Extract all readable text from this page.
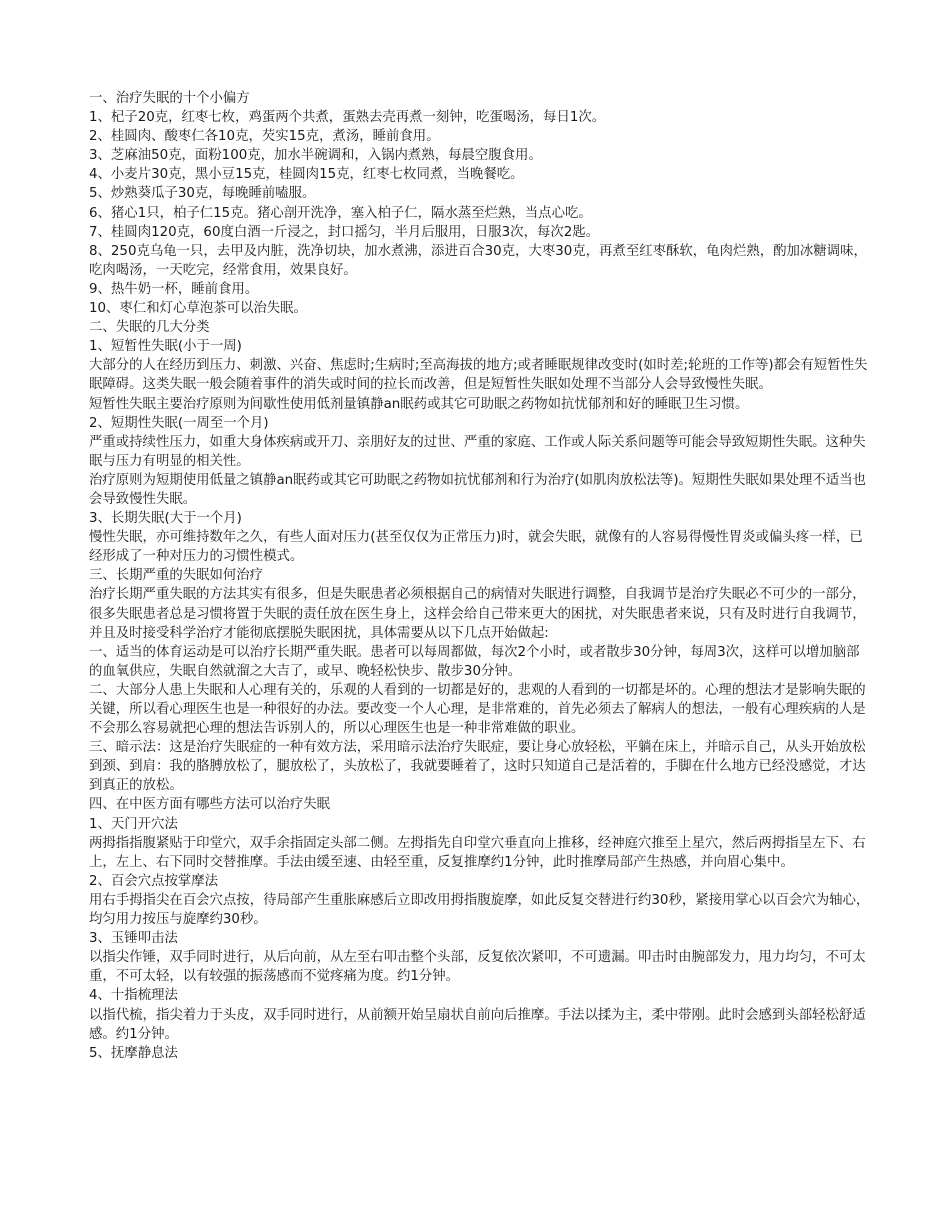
一、治疗失眠的十个小偏方

1、杞子20克，红枣七枚，鸡蛋两个共煮，蛋熟去壳再煮一刻钟，吃蛋喝汤，每日1次。

2、桂圆肉、酸枣仁各10克，芡实15克，煮汤，睡前食用。

3、芝麻油50克，面粉100克，加水半碗调和，入锅内煮熟，每晨空腹食用。

4、小麦片30克，黑小豆15克，桂圆肉15克，红枣七枚同煮，当晚餐吃。

5、炒熟葵瓜子30克，每晚睡前嗑服。

6、猪心1只，柏子仁15克。猪心剖开洗净，塞入柏子仁，隔水蒸至烂熟，当点心吃。

7、桂圆肉120克，60度白酒一斤浸之，封口摇匀，半月后服用，日服3次，每次2匙。

8、250克乌龟一只，去甲及内脏，洗净切块，加水煮沸，添进百合30克，大枣30克，再煮至红枣酥软，龟肉烂熟，酌加冰糖调味，吃肉喝汤，一天吃完，经常食用，效果良好。

9、热牛奶一杯，睡前食用。

10、枣仁和灯心草泡茶可以治失眠。

二、失眠的几大分类

1、短暂性失眠(小于一周)

大部分的人在经历到压力、刺激、兴奋、焦虑时;生病时;至高海拔的地方;或者睡眠规律改变时(如时差;轮班的工作等)都会有短暂性失眠障碍。这类失眠一般会随着事件的消失或时间的拉长而改善，但是短暂性失眠如处理不当部分人会导致慢性失眠。

短暂性失眠主要治疗原则为间歇性使用低剂量镇静an眠药或其它可助眠之药物如抗忧郁剂和好的睡眠卫生习惯。

2、短期性失眠(一周至一个月)

严重或持续性压力，如重大身体疾病或开刀、亲朋好友的过世、严重的家庭、工作或人际关系问题等可能会导致短期性失眠。这种失眠与压力有明显的相关性。

治疗原则为短期使用低量之镇静an眠药或其它可助眠之药物如抗忧郁剂和行为治疗(如肌肉放松法等)。短期性失眠如果处理不适当也会导致慢性失眠。

3、长期失眠(大于一个月)

慢性失眠，亦可维持数年之久，有些人面对压力(甚至仅仅为正常压力)时，就会失眠，就像有的人容易得慢性胃炎或偏头疼一样，已经形成了一种对压力的习惯性模式。

三、长期严重的失眠如何治疗

治疗长期严重失眠的方法其实有很多，但是失眠患者必须根据自己的病情对失眠进行调整，自我调节是治疗失眠必不可少的一部分，很多失眠患者总是习惯将置于失眠的责任放在医生身上，这样会给自己带来更大的困扰，对失眠患者来说，只有及时进行自我调节，并且及时接受科学治疗才能彻底摆脱失眠困扰，具体需要从以下几点开始做起:

一、适当的体育运动是可以治疗长期严重失眠。患者可以每周都做，每次2个小时，或者散步30分钟，每周3次，这样可以增加脑部的血氧供应，失眠自然就溜之大吉了，或早、晚轻松快步、散步30分钟。

二、大部分人患上失眠和人心理有关的，乐观的人看到的一切都是好的，悲观的人看到的一切都是坏的。心理的想法才是影响失眠的关键，所以看心理医生也是一种很好的办法。要改变一个人心理，是非常难的，首先必须去了解病人的想法，一般有心理疾病的人是不会那么容易就把心理的想法告诉别人的，所以心理医生也是一种非常难做的职业。

三、暗示法：这是治疗失眠症的一种有效方法，采用暗示法治疗失眠症，要让身心放轻松，平躺在床上，并暗示自己，从头开始放松到颈、到肩：我的胳膊放松了，腿放松了，头放松了，我就要睡着了，这时只知道自己是活着的，手脚在什么地方已经没感觉，才达到真正的放松。

四、在中医方面有哪些方法可以治疗失眠

1、天门开穴法

两拇指指腹紧贴于印堂穴，双手余指固定头部二侧。左拇指先自印堂穴垂直向上推移，经神庭穴推至上星穴，然后两拇指呈左下、右上，左上、右下同时交替推摩。手法由缓至速、由轻至重，反复推摩约1分钟，此时推摩局部产生热感，并向眉心集中。

2、百会穴点按掌摩法

用右手拇指尖在百会穴点按，待局部产生重胀麻感后立即改用拇指腹旋摩，如此反复交替进行约30秒，紧接用掌心以百会穴为轴心，均匀用力按压与旋摩约30秒。

3、玉锤叩击法

以指尖作锤，双手同时进行，从后向前，从左至右叩击整个头部，反复依次紧叩，不可遗漏。叩击时由腕部发力，甩力均匀，不可太重，不可太轻，以有较强的振荡感而不觉疼痛为度。约1分钟。

4、十指梳理法

以指代梳，指尖着力于头皮，双手同时进行，从前额开始呈扇状自前向后推摩。手法以揉为主，柔中带刚。此时会感到头部轻松舒适感。约1分钟。

5、抚摩静息法
